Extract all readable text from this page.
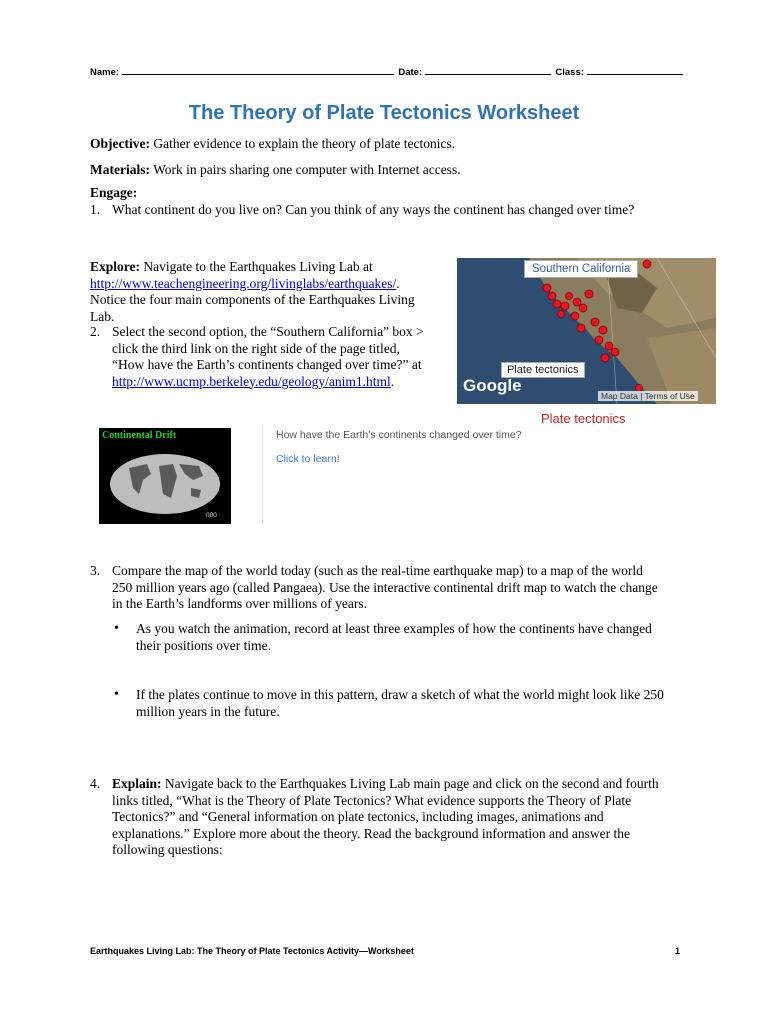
Name:	Date:	Class:
The Theory of Plate Tectonics Worksheet
Objective: Gather evidence to explain the theory of plate tectonics.
Materials: Work in pairs sharing one computer with Internet access.
Engage:
1. What continent do you live on? Can you think of any ways the continent has changed over time?
Explore: Navigate to the Earthquakes Living Lab at
http://www.teachengineering.org/livinglabs/earthquakes/.
Notice the four main components of the Earthquakes Living Lab.
2. Select the second option, the “Southern California” box >
click the third link on the right side of the page titled,
“How have the Earth’s continents changed over time?” at
http://www.ucmp.berkeley.edu/geology/anim1.html.
Southern California
Plate tectonics
Google
Map Data | Terms of Use
Plate tectonics
Continental Drift
000
How have the Earth’s continents changed over time?
Click to learn!
3. Compare the map of the world today (such as the real-time earthquake map) to a map of the world
250 million years ago (called Pangaea). Use the interactive continental drift map to watch the change
in the Earth’s landforms over millions of years.
• As you watch the animation, record at least three examples of how the continents have changed
their positions over time.
• If the plates continue to move in this pattern, draw a sketch of what the world might look like 250
million years in the future.
4. Explain: Navigate back to the Earthquakes Living Lab main page and click on the second and fourth
links titled, “What is the Theory of Plate Tectonics? What evidence supports the Theory of Plate
Tectonics?” and “General information on plate tectonics, including images, animations and
explanations.” Explore more about the theory. Read the background information and answer the
following questions:
Earthquakes Living Lab: The Theory of Plate Tectonics Activity—Worksheet	1
